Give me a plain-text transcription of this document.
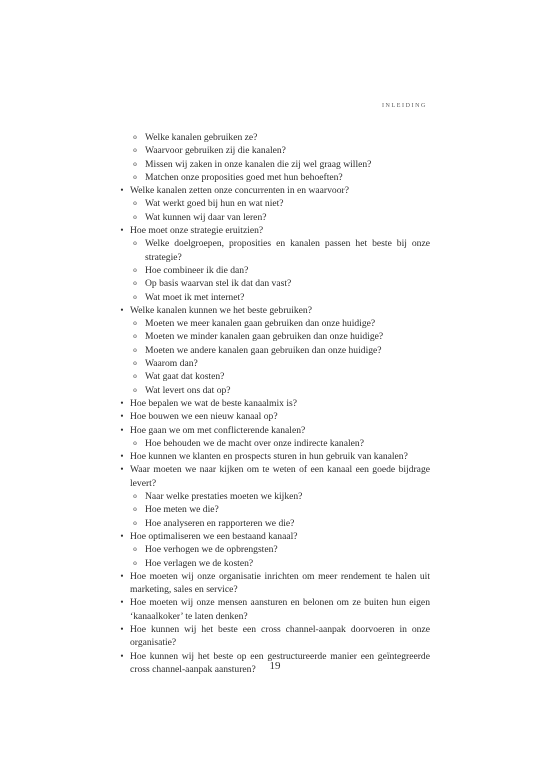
INLEIDING
o Welke kanalen gebruiken ze?
o Waarvoor gebruiken zij die kanalen?
o Missen wij zaken in onze kanalen die zij wel graag willen?
o Matchen onze proposities goed met hun behoeften?
• Welke kanalen zetten onze concurrenten in en waarvoor?
o Wat werkt goed bij hun en wat niet?
o Wat kunnen wij daar van leren?
• Hoe moet onze strategie eruitzien?
o Welke doelgroepen, proposities en kanalen passen het beste bij onze strategie?
o Hoe combineer ik die dan?
o Op basis waarvan stel ik dat dan vast?
o Wat moet ik met internet?
• Welke kanalen kunnen we het beste gebruiken?
o Moeten we meer kanalen gaan gebruiken dan onze huidige?
o Moeten we minder kanalen gaan gebruiken dan onze huidige?
o Moeten we andere kanalen gaan gebruiken dan onze huidige?
o Waarom dan?
o Wat gaat dat kosten?
o Wat levert ons dat op?
• Hoe bepalen we wat de beste kanaalmix is?
• Hoe bouwen we een nieuw kanaal op?
• Hoe gaan we om met conflicterende kanalen?
o Hoe behouden we de macht over onze indirecte kanalen?
• Hoe kunnen we klanten en prospects sturen in hun gebruik van kanalen?
• Waar moeten we naar kijken om te weten of een kanaal een goede bijdrage levert?
o Naar welke prestaties moeten we kijken?
o Hoe meten we die?
o Hoe analyseren en rapporteren we die?
• Hoe optimaliseren we een bestaand kanaal?
o Hoe verhogen we de opbrengsten?
o Hoe verlagen we de kosten?
• Hoe moeten wij onze organisatie inrichten om meer rendement te halen uit marketing, sales en service?
• Hoe moeten wij onze mensen aansturen en belonen om ze buiten hun eigen ‘kanaalkoker’ te laten denken?
• Hoe kunnen wij het beste een cross channel-aanpak doorvoeren in onze organisatie?
• Hoe kunnen wij het beste op een gestructureerde manier een geïntegreerde cross channel-aanpak aansturen?	19
